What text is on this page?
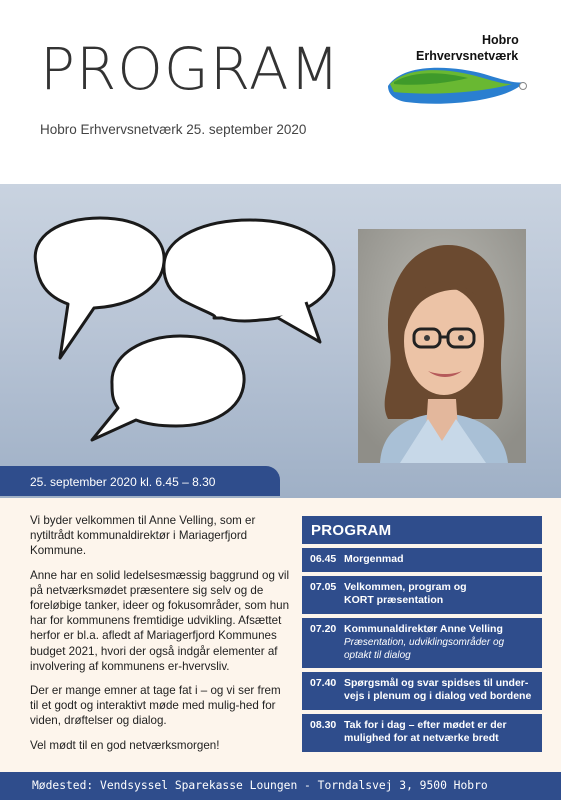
PROGRAM
Hobro Erhvervsnetværk 25. september 2020
Hobro
Erhvervsnetværk
25. september 2020 kl. 6.45 – 8.30

Vi byder velkommen til Anne Velling, som er nytiltrådt kommunaldirektør i Mariagerfjord Kommune.

Anne har en solid ledelsesmæssig baggrund og vil på netværksmødet præsentere sig selv og de foreløbige tanker, ideer og fokusområder, som hun har for kommunens fremtidige udvikling. Afsættet herfor er bl.a. afledt af Mariagerfjord Kommunes budget 2021, hvori der også indgår elementer af involvering af kommunens er-hvervsliv.

Der er mange emner at tage fat i – og vi ser frem til et godt og interaktivt møde med mulig-hed for viden, drøftelser og dialog.

Vel mødt til en god netværksmorgen!

PROGRAM
06.45 Morgenmad
07.05 Velkommen, program og KORT præsentation
07.20 Kommunaldirektør Anne Velling
Præsentation, udviklingsområder og optakt til dialog
07.40 Spørgsmål og svar spidses til under-vejs i plenum og i dialog ved bordene
08.30 Tak for i dag – efter mødet er der mulighed for at netværke bredt
Mødested: Vendsyssel Sparekasse Loungen - Torndalsvej 3, 9500 Hobro
